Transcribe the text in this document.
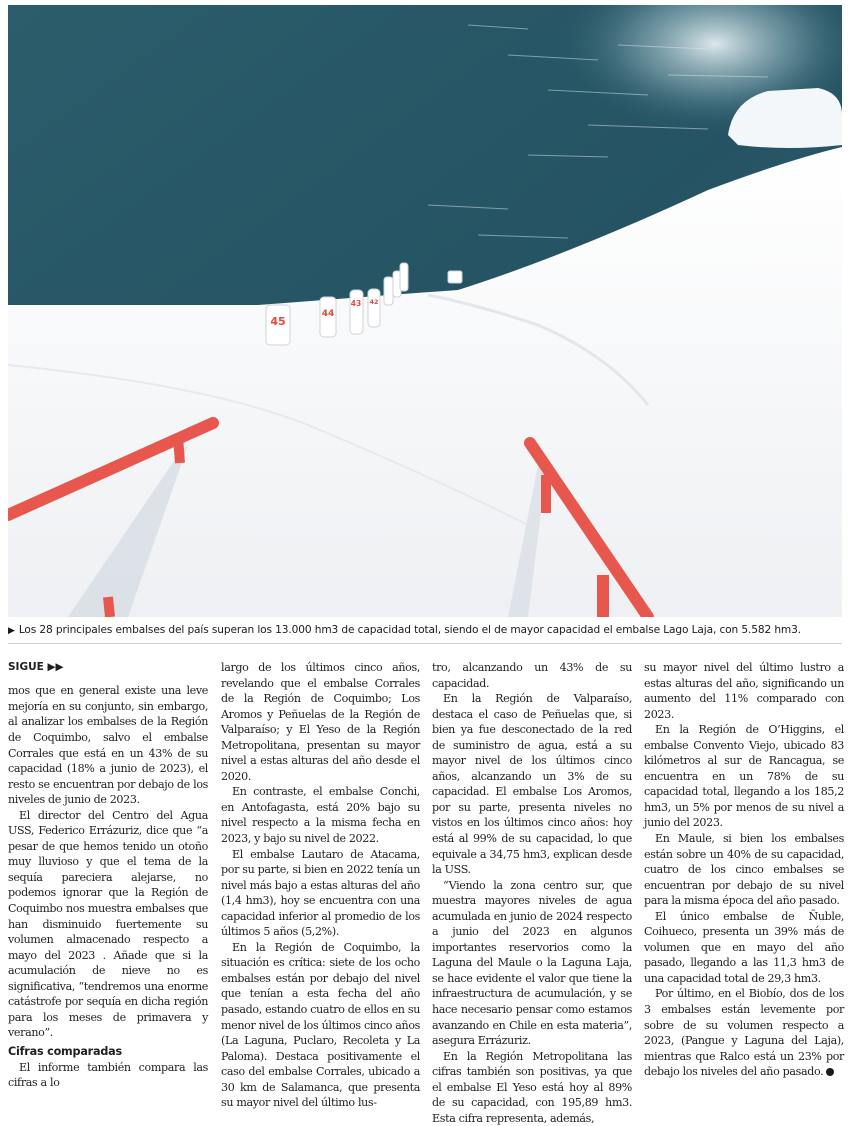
45
44
43 42
▶ Los 28 principales embalses del país superan los 13.000 hm3 de capacidad total, siendo el de mayor capacidad el embalse Lago Laja, con 5.582 hm3.
SIGUE ▶▶

mos que en general existe una leve mejoría en su conjunto, sin embargo, al analizar los embalses de la Región de Coquimbo, salvo el embalse Corrales que está en un 43% de su capacidad (18% a junio de 2023), el resto se encuentran por debajo de los niveles de junio de 2023.

El director del Centro del Agua USS, Federico Errázuriz, dice que “a pesar de que hemos tenido un otoño muy lluvioso y que el tema de la sequía pareciera alejarse, no podemos ignorar que la Región de Coquimbo nos muestra embalses que han disminuido fuertemente su volumen almacenado respecto a mayo del 2023 . Añade que si la acumulación de nieve no es significativa, “tendremos una enorme catástrofe por sequía en dicha región para los meses de primavera y verano”.

Cifras comparadas

El informe también compara las cifras a lo

largo de los últimos cinco años, revelando que el embalse Corrales de la Región de Coquimbo; Los Aromos y Peñuelas de la Región de Valparaíso; y El Yeso de la Región Metropolitana, presentan su mayor nivel a estas alturas del año desde el 2020.

En contraste, el embalse Conchi, en Antofagasta, está 20% bajo su nivel respecto a la misma fecha en 2023, y bajo su nivel de 2022.

El embalse Lautaro de Atacama, por su parte, si bien en 2022 tenía un nivel más bajo a estas alturas del año (1,4 hm3), hoy se encuentra con una capacidad inferior al promedio de los últimos 5 años (5,2%).

En la Región de Coquimbo, la situación es crítica: siete de los ocho embalses están por debajo del nivel que tenían a esta fecha del año pasado, estando cuatro de ellos en su menor nivel de los últimos cinco años (La Laguna, Puclaro, Recoleta y La Paloma). Destaca positivamente el caso del embalse Corrales, ubicado a 30 km de Salamanca, que presenta su mayor nivel del último lus-

tro, alcanzando un 43% de su capacidad.

En la Región de Valparaíso, destaca el caso de Peñuelas que, si bien ya fue desconectado de la red de suministro de agua, está a su mayor nivel de los últimos cinco años, alcanzando un 3% de su capacidad. El embalse Los Aromos, por su parte, presenta niveles no vistos en los últimos cinco años: hoy está al 99% de su capacidad, lo que equivale a 34,75 hm3, explican desde la USS.

“Viendo la zona centro sur, que muestra mayores niveles de agua acumulada en junio de 2024 respecto a junio del 2023 en algunos importantes reservorios como la Laguna del Maule o la Laguna Laja, se hace evidente el valor que tiene la infraestructura de acumulación, y se hace necesario pensar como estamos avanzando en Chile en esta materia”, asegura Errázuriz.

En la Región Metropolitana las cifras también son positivas, ya que el embalse El Yeso está hoy al 89% de su capacidad, con 195,89 hm3. Esta cifra representa, además,

su mayor nivel del último lustro a estas alturas del año, significando un aumento del 11% comparado con 2023.

En la Región de O’Higgins, el embalse Convento Viejo, ubicado 83 kilómetros al sur de Rancagua, se encuentra en un 78% de su capacidad total, llegando a los 185,2 hm3, un 5% por menos de su nivel a junio del 2023.

En Maule, si bien los embalses están sobre un 40% de su capacidad, cuatro de los cinco embalses se encuentran por debajo de su nivel para la misma época del año pasado.

El único embalse de Ñuble, Coihueco, presenta un 39% más de volumen que en mayo del año pasado, llegando a las 11,3 hm3 de una capacidad total de 29,3 hm3.

Por último, en el Biobío, dos de los 3 embalses están levemente por sobre de su volumen respecto a 2023, (Pangue y Laguna del Laja), mientras que Ralco está un 23% por debajo los niveles del año pasado.
